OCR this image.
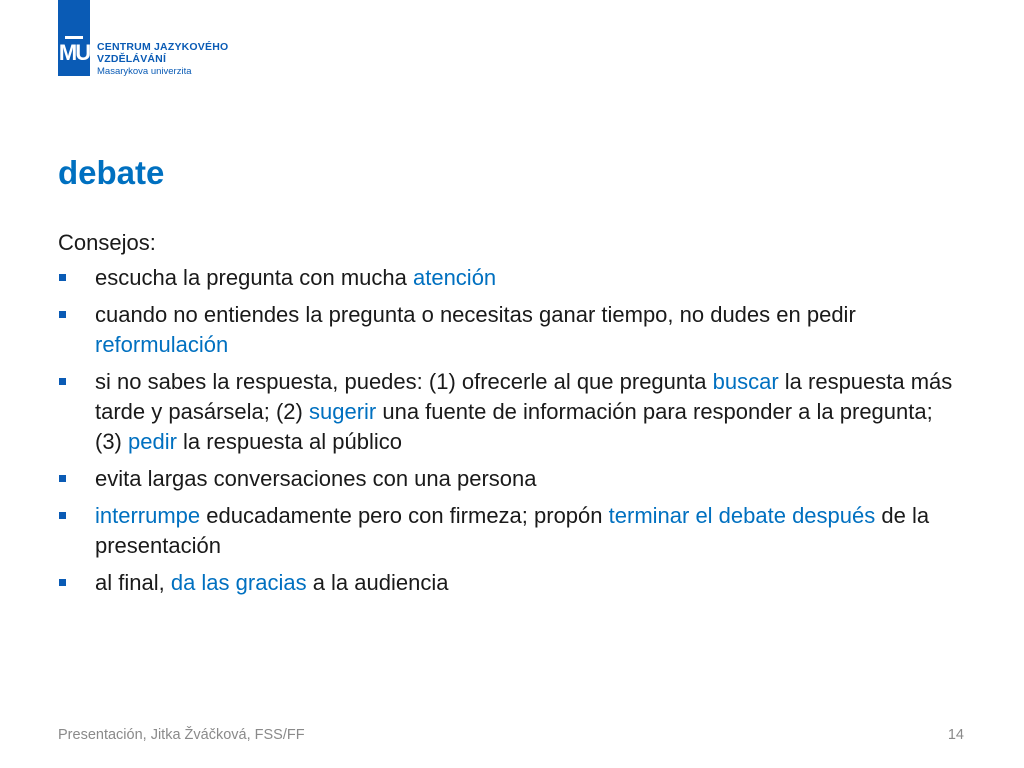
MU CENTRUM JAZYKOVÉHO
VZDĚLÁVÁNÍ
Masarykova univerzita
debate

Consejos:

escucha la pregunta con mucha atención
cuando no entiendes la pregunta o necesitas ganar tiempo, no dudes en pedir reformulación
si no sabes la respuesta, puedes: (1) ofrecerle al que pregunta buscar la respuesta más tarde y pasársela; (2) sugerir una fuente de información para responder a la pregunta; (3) pedir la respuesta al público
evita largas conversaciones con una persona
interrumpe educadamente pero con firmeza; propón terminar el debate después de la presentación
al final, da las gracias a la audiencia
Presentación, Jitka Žváčková, FSS/FF	14
